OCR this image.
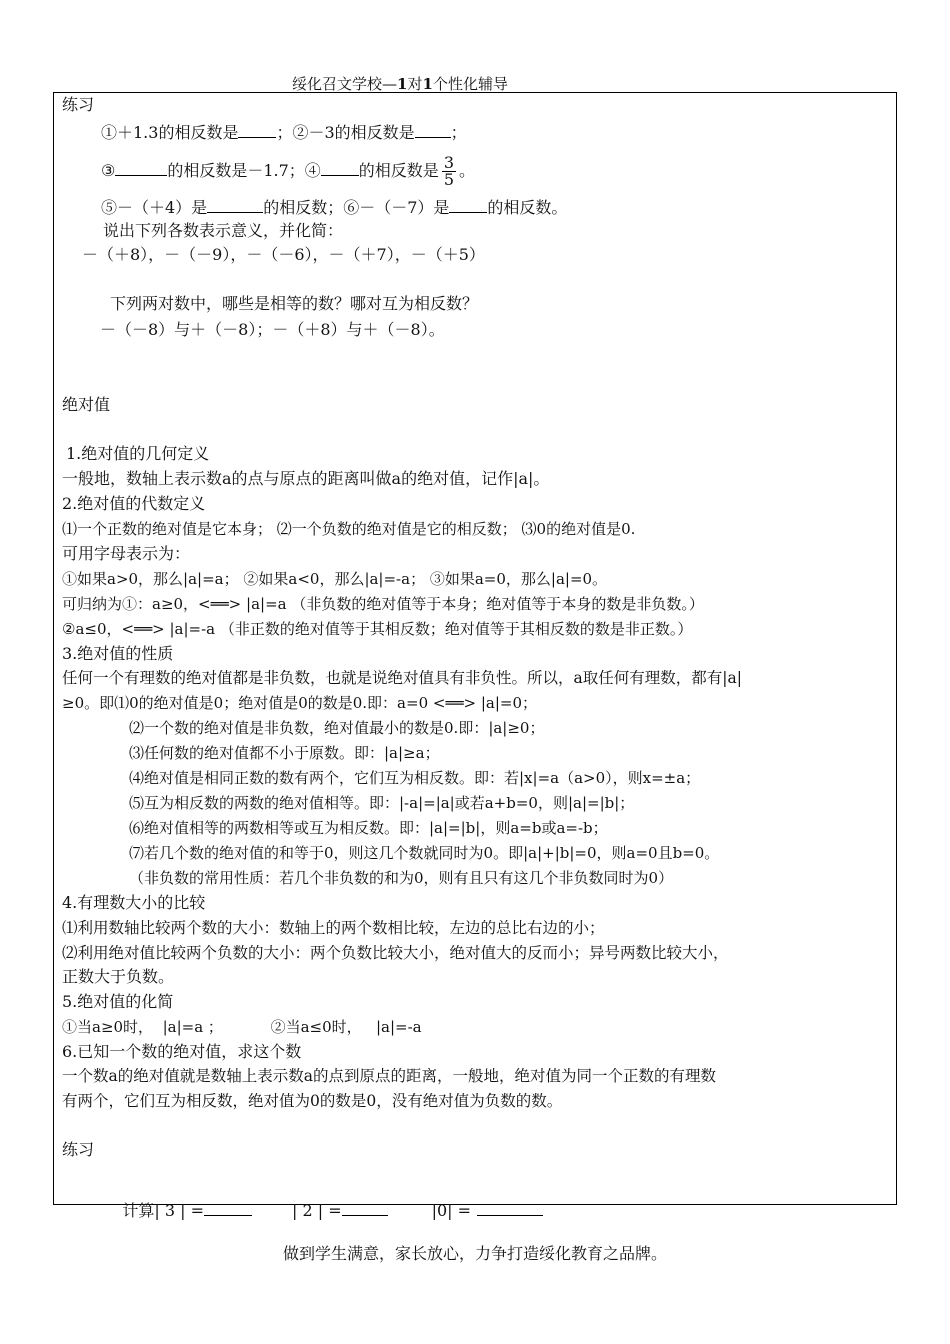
绥化召文学校—1对1个性化辅导
练习
①＋1.3的相反数是 ；②－3的相反数是 ；
③	的相反数是－1.7；④ 的相反数是 $\frac{3}{5}$ 。
⑤－（＋4）是	的相反数；⑥－（－7）是 的相反数。
说出下列各数表示意义，并化简：
－（＋8），－（－9），－（－6），－（＋7），－（＋5）
下列两对数中，哪些是相等的数？哪对互为相反数？
－（－8）与＋（－8）；－（＋8）与＋（－8）。
绝对值
1.绝对值的几何定义
一般地，数轴上表示数a的点与原点的距离叫做a的绝对值，记作|a|。
2.绝对值的代数定义
⑴一个正数的绝对值是它本身； ⑵一个负数的绝对值是它的相反数； ⑶0的绝对值是0.
可用字母表示为：
①如果a>0，那么|a|=a； ②如果a<0，那么|a|=-a； ③如果a=0，那么|a|=0。
可归纳为①：a≥0，<══> |a|=a （非负数的绝对值等于本身；绝对值等于本身的数是非负数。）
②a≤0，<══> |a|=-a （非正数的绝对值等于其相反数；绝对值等于其相反数的数是非正数。）
3.绝对值的性质
任何一个有理数的绝对值都是非负数，也就是说绝对值具有非负性。所以，a取任何有理数，都有|a|
≥0。即⑴0的绝对值是0；绝对值是0的数是0.即：a=0 <══> |a|=0；
⑵一个数的绝对值是非负数，绝对值最小的数是0.即：|a|≥0；
⑶任何数的绝对值都不小于原数。即：|a|≥a；
⑷绝对值是相同正数的数有两个，它们互为相反数。即：若|x|=a（a>0），则x=±a；
⑸互为相反数的两数的绝对值相等。即：|-a|=|a|或若a+b=0，则|a|=|b|；
⑹绝对值相等的两数相等或互为相反数。即：|a|=|b|，则a=b或a=-b；
⑺若几个数的绝对值的和等于0，则这几个数就同时为0。即|a|+|b|=0，则a=0且b=0。
（非负数的常用性质：若几个非负数的和为0，则有且只有这几个非负数同时为0）
4.有理数大小的比较
⑴利用数轴比较两个数的大小：数轴上的两个数相比较，左边的总比右边的小；
⑵利用绝对值比较两个负数的大小：两个负数比较大小，绝对值大的反而小；异号两数比较大小，
正数大于负数。
5.绝对值的化简
①当a≥0时，  |a|=a ；          ②当a≤0时，   |a|=-a
6.已知一个数的绝对值，求这个数
一个数a的绝对值就是数轴上表示数a的点到原点的距离，一般地，绝对值为同一个正数的有理数
有两个，它们互为相反数，绝对值为0的数是0，没有绝对值为负数的数。
练习

计算| 3 | =	| 2 | =	|0| =

做到学生满意，家长放心，力争打造绥化教育之品牌。
